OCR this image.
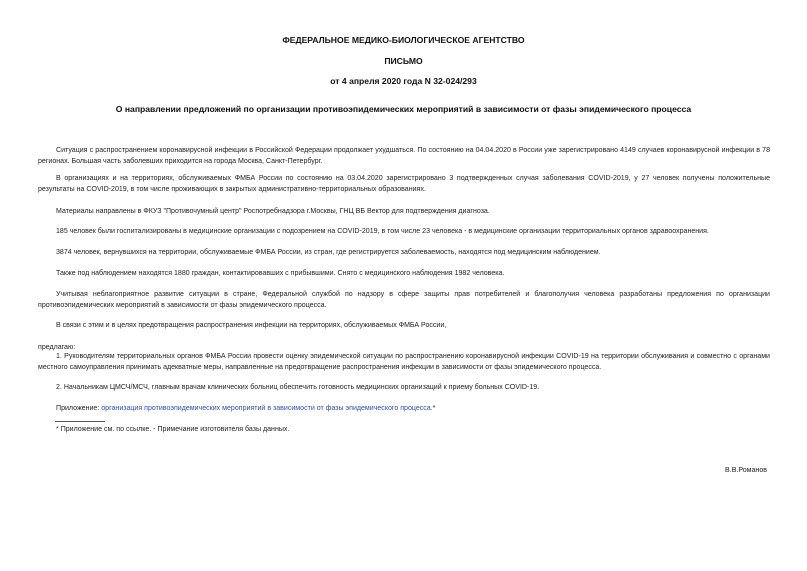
ФЕДЕРАЛЬНОЕ МЕДИКО-БИОЛОГИЧЕСКОЕ АГЕНТСТВО
ПИСЬМО
от 4 апреля 2020 года N 32-024/293
О направлении предложений по организации противоэпидемических мероприятий в зависимости от фазы эпидемического процесса

Ситуация с распространением коронавирусной инфекции в Российской Федерации продолжает ухудшаться. По состоянию на 04.04.2020 в России уже зарегистрировано 4149 случаев коронавирусной инфекции в 78 регионах. Большая часть заболевших приходится на города Москва, Санкт-Петербург.

В организациях и на территориях, обслуживаемых ФМБА России по состоянию на 03.04.2020 зарегистрировано 3 подтвержденных случая заболевания COVID-2019, у 27 человек получены положительные результаты на COVID-2019, в том числе проживающих в закрытых административно-территориальных образованиях.

Материалы направлены в ФКУЗ "Противочумный центр" Роспотребнадзора г.Москвы, ГНЦ ВБ Вектор для подтверждения диагноза.

185 человек были госпитализированы в медицинские организации с подозрением на COVID-2019, в том числе 23 человека - в медицинские организации территориальных органов здравоохранения.

3874 человек, вернувшихся на территории, обслуживаемые ФМБА России, из стран, где регистрируется заболеваемость, находятся под медицинским наблюдением.

Также под наблюдением находятся 1880 граждан, контактировавших с прибывшими. Снято с медицинского наблюдения 1982 человека.

Учитывая неблагоприятное развитие ситуации в стране, Федеральной службой по надзору в сфере защиты прав потребителей и благополучия человека разработаны предложения по организации противоэпидемических мероприятий в зависимости от фазы эпидемического процесса.

В связи с этим и в целях предотвращения распространения инфекции на территориях, обслуживаемых ФМБА России,

предлагаю:

1. Руководителям территориальных органов ФМБА России провести оценку эпидемической ситуации по распространению коронавирусной инфекции COVID-19 на территории обслуживания и совместно с органами местного самоуправления принимать адекватные меры, направленные на предотвращение распространения инфекции в зависимости от фазы эпидемического процесса.

2. Начальникам ЦМСЧ/МСЧ, главным врачам клинических больниц обеспечить готовность медицинских организаций к приему больных COVID-19.

Приложение: организация противоэпидемических мероприятий в зависимости от фазы эпидемического процесса.*

* Приложение см. по ссылке. - Примечание изготовителя базы данных.

В.В.Романов
